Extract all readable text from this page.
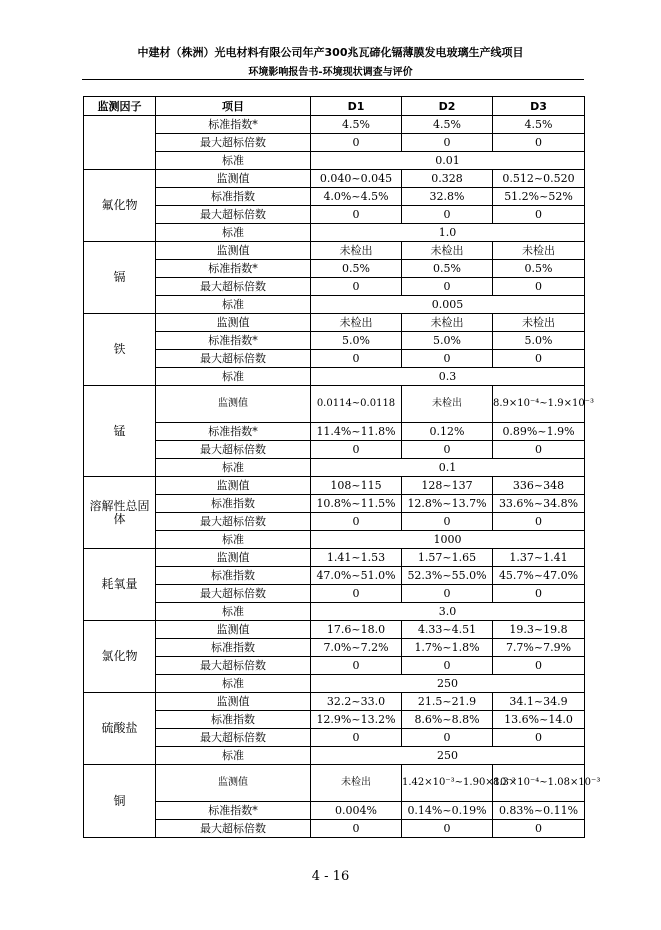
中建材（株洲）光电材料有限公司年产300兆瓦碲化镉薄膜发电玻璃生产线项目
环境影响报告书-环境现状调查与评价
监测因子	项目	D1	D2	D3
	标准指数*	4.5%	4.5%	4.5%
	最大超标倍数	0	0	0
	标准	0.01		
氟化物	监测值	0.040~0.045	0.328	0.512~0.520
	标准指数	4.0%~4.5%	32.8%	51.2%~52%
	最大超标倍数	0	0	0
	标准	1.0		
镉	监测值	未检出	未检出	未检出
	标准指数*	0.5%	0.5%	0.5%
	最大超标倍数	0	0	0
	标准	0.005		
铁	监测值	未检出	未检出	未检出
	标准指数*	5.0%	5.0%	5.0%
	最大超标倍数	0	0	0
	标准	0.3		
锰	监测值	0.0114~0.0118	未检出	8.9×10⁻⁴~1.9×10⁻³
	标准指数*	11.4%~11.8%	0.12%	0.89%~1.9%
	最大超标倍数	0	0	0
	标准	0.1		
溶解性总固体	监测值	108~115	128~137	336~348
	标准指数	10.8%~11.5%	12.8%~13.7%	33.6%~34.8%
	最大超标倍数	0	0	0
	标准	1000		
耗氧量	监测值	1.41~1.53	1.57~1.65	1.37~1.41
	标准指数	47.0%~51.0%	52.3%~55.0%	45.7%~47.0%
	最大超标倍数	0	0	0
	标准	3.0		
氯化物	监测值	17.6~18.0	4.33~4.51	19.3~19.8
	标准指数	7.0%~7.2%	1.7%~1.8%	7.7%~7.9%
	最大超标倍数	0	0	0
	标准	250		
硫酸盐	监测值	32.2~33.0	21.5~21.9	34.1~34.9
	标准指数	12.9%~13.2%	8.6%~8.8%	13.6%~14.0
	最大超标倍数	0	0	0
	标准	250		
铜	监测值	未检出	1.42×10⁻³~1.90×10⁻³	8.3×10⁻⁴~1.08×10⁻³
	标准指数*	0.004%	0.14%~0.19%	0.83%~0.11%
	最大超标倍数	0	0	0
4 - 16
